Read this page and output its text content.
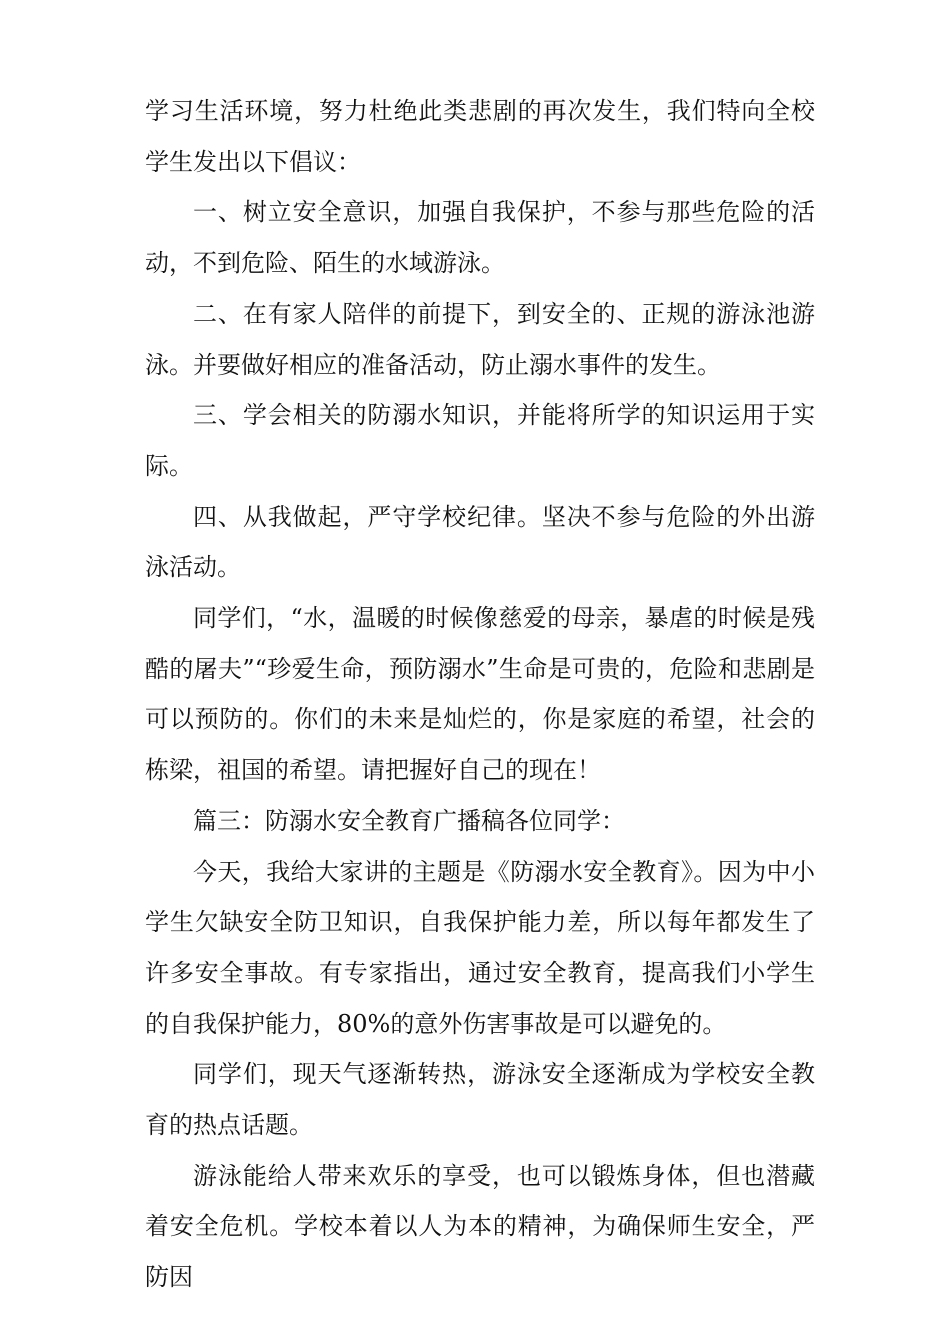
学习生活环境，努力杜绝此类悲剧的再次发生，我们特向全校学生发出以下倡议：

一、树立安全意识，加强自我保护，不参与那些危险的活动，不到危险、陌生的水域游泳。

二、在有家人陪伴的前提下，到安全的、正规的游泳池游泳。并要做好相应的准备活动，防止溺水事件的发生。

三、学会相关的防溺水知识，并能将所学的知识运用于实际。

四、从我做起，严守学校纪律。坚决不参与危险的外出游泳活动。

同学们，“水，温暖的时候像慈爱的母亲，暴虐的时候是残酷的屠夫”“珍爱生命，预防溺水”生命是可贵的，危险和悲剧是可以预防的。你们的未来是灿烂的，你是家庭的希望，社会的栋梁，祖国的希望。请把握好自己的现在！

篇三：防溺水安全教育广播稿各位同学：

今天，我给大家讲的主题是《防溺水安全教育》。因为中小学生欠缺安全防卫知识，自我保护能力差，所以每年都发生了许多安全事故。有专家指出，通过安全教育，提高我们小学生的自我保护能力，80%的意外伤害事故是可以避免的。

同学们，现天气逐渐转热，游泳安全逐渐成为学校安全教育的热点话题。

游泳能给人带来欢乐的享受，也可以锻炼身体，但也潜藏着安全危机。学校本着以人为本的精神，为确保师生安全，严防因
